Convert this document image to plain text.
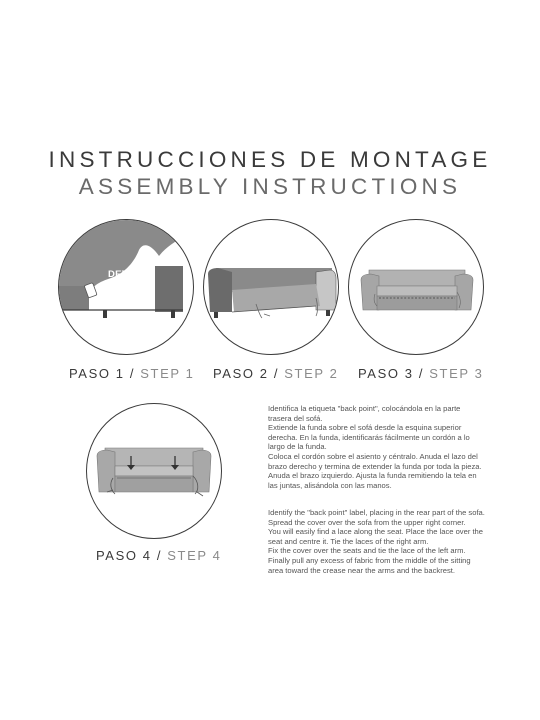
INSTRUCCIONES DE MONTAGE
ASSEMBLY INSTRUCTIONS
DETRÁS
BACK
PASO 1 / STEP 1 PASO 2 / STEP 2 PASO 3 / STEP 3
PASO 4 / STEP 4

Identifica la etiqueta "back point", colocándola en la parte trasera del sofá.

Extiende la funda sobre el sofá desde la esquina superior derecha. En la funda, identificarás fácilmente un cordón a lo largo de la funda.

Coloca el cordón sobre el asiento y céntralo. Anuda el lazo del brazo derecho y termina de extender la funda por toda la pieza.

Anuda el brazo izquierdo. Ajusta la funda remitiendo la tela en las juntas, alisándola con las manos.

Identify the "back point" label, placing in the rear part of the sofa.

Spread the cover over the sofa from the upper right corner.

You will easily find a lace along the seat. Place the lace over the seat and centre it. Tie the laces of the right arm.

Fix the cover over the seats and tie the lace of the left arm. Finally pull any excess of fabric from the middle of the sitting area toward the crease near the arms and the backrest.
